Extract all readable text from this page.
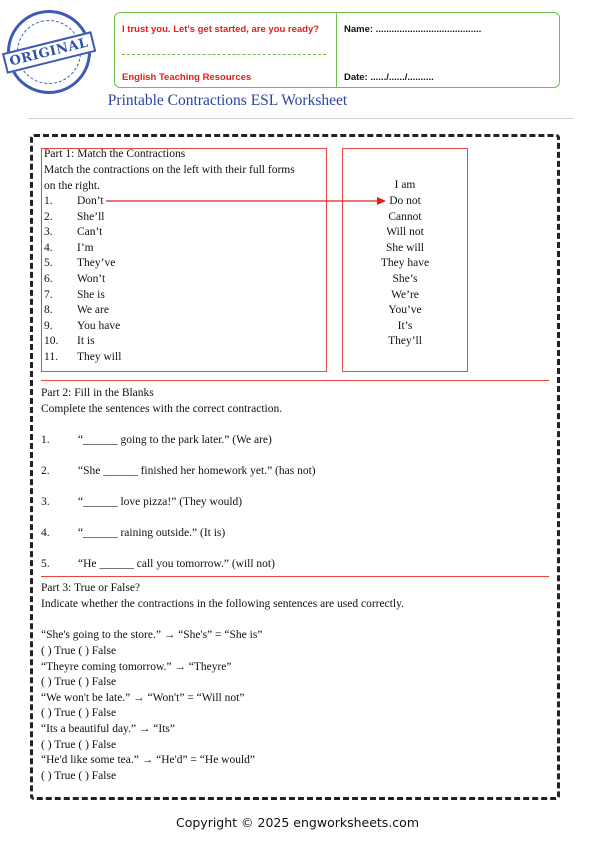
ORIGINAL
I trust you. Let's get started, are you ready?
English Teaching Resources
Name: ........................................
Date: ....../....../..........
Printable Contractions ESL Worksheet
Part 1: Match the Contractions
Match the contractions on the left with their full forms
on the right.
1. Don’t
2. She’ll
3. Can’t
4. I’m
5. They’ve
6. Won’t
7. She is
8. We are
9. You have
10. It is
11. They will
I am
Do not
Cannot
Will not
She will
They have
She’s
We’re
You’ve
It’s
They’ll
Part 2: Fill in the Blanks
Complete the sentences with the correct contraction.
1. “______ going to the park later.” (We are)
2. “She ______ finished her homework yet.” (has not)
3. “______ love pizza!” (They would)
4. “______ raining outside.” (It is)
5. “He ______ call you tomorrow.” (will not)
Part 3: True or False?
Indicate whether the contractions in the following sentences are used correctly.
“She's going to the store.” → “She's” = “She is”
( ) True ( ) False
“Theyre coming tomorrow.” → “Theyre”
( ) True ( ) False
“We won't be late.” → “Won't” = “Will not”
( ) True ( ) False
“Its a beautiful day.” → “Its”
( ) True ( ) False
“He'd like some tea.” → “He'd” = “He would”
( ) True ( ) False
Copyright © 2025 engworksheets.com
